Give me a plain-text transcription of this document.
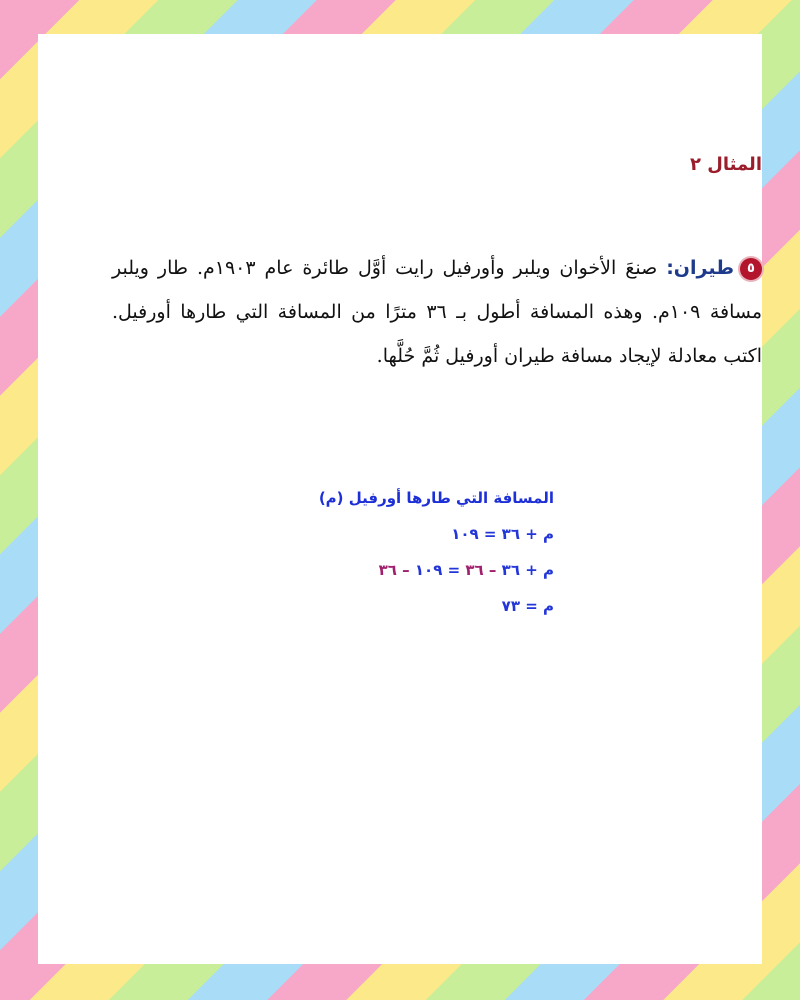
المثال ٢
٥طيران: صنعَ الأخوان ويلبر وأورفيل رايت أوَّل طائرة عام ١٩٠٣م. طار ويلبر مسافة ١٠٩م. وهذه المسافة أطول بـ ٣٦ مترًا من المسافة التي طارها أورفيل. اكتب معادلة لإيجاد مسافة طيران أورفيل ثُمَّ حُلَّها.
المسافة التي طارها أورفيل (م)
م + ٣٦ = ١٠٩
م + ٣٦ – ٣٦ = ١٠٩ – ٣٦
م = ٧٣
